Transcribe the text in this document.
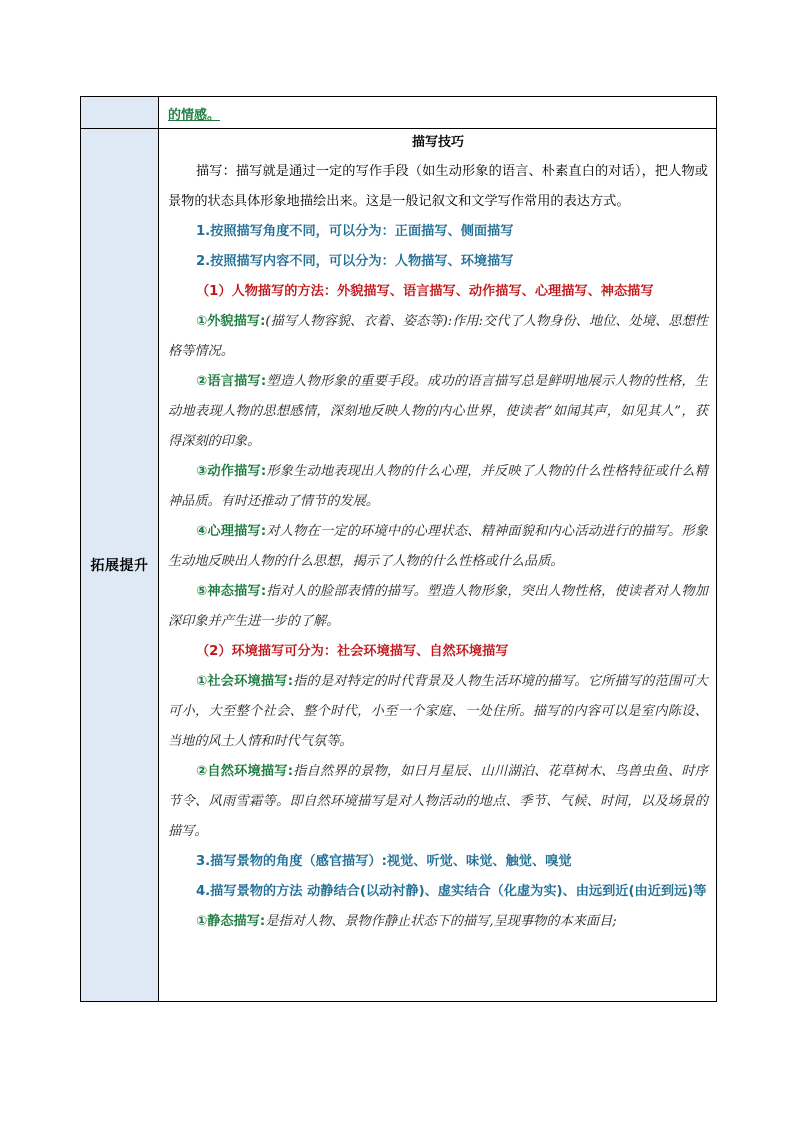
的情感。
拓展提升
描写技巧

描写：描写就是通过一定的写作手段（如生动形象的语言、朴素直白的对话），把人物或景物的状态具体形象地描绘出来。这是一般记叙文和文学写作常用的表达方式。

1.按照描写角度不同，可以分为：正面描写、侧面描写

2.按照描写内容不同，可以分为：人物描写、环境描写

（1）人物描写的方法：外貌描写、语言描写、动作描写、心理描写、神态描写

①外貌描写:(描写人物容貌、衣着、姿态等):作用:交代了人物身份、地位、处境、思想性格等情况。

②语言描写:塑造人物形象的重要手段。成功的语言描写总是鲜明地展示人物的性格，生动地表现人物的思想感情，深刻地反映人物的内心世界，使读者“如闻其声，如见其人”，获得深刻的印象。

③动作描写:形象生动地表现出人物的什么心理，并反映了人物的什么性格特征或什么精神品质。有时还推动了情节的发展。

④心理描写:对人物在一定的环境中的心理状态、精神面貌和内心活动进行的描写。形象生动地反映出人物的什么思想，揭示了人物的什么性格或什么品质。

⑤神态描写:指对人的脸部表情的描写。塑造人物形象，突出人物性格，使读者对人物加深印象并产生进一步的了解。

（2）环境描写可分为：社会环境描写、自然环境描写

①社会环境描写:指的是对特定的时代背景及人物生活环境的描写。它所描写的范围可大可小，大至整个社会、整个时代，小至一个家庭、一处住所。描写的内容可以是室内陈设、当地的风土人情和时代气氛等。

②自然环境描写:指自然界的景物，如日月星辰、山川湖泊、花草树木、鸟兽虫鱼、时序节令、风雨雪霜等。即自然环境描写是对人物活动的地点、季节、气候、时间，以及场景的描写。

3.描写景物的角度（感官描写）:视觉、听觉、味觉、触觉、嗅觉

4.描写景物的方法 动静结合(以动衬静)、虚实结合（化虚为实)、由远到近(由近到远)等

①静态描写:是指对人物、景物作静止状态下的描写,呈现事物的本来面目;
